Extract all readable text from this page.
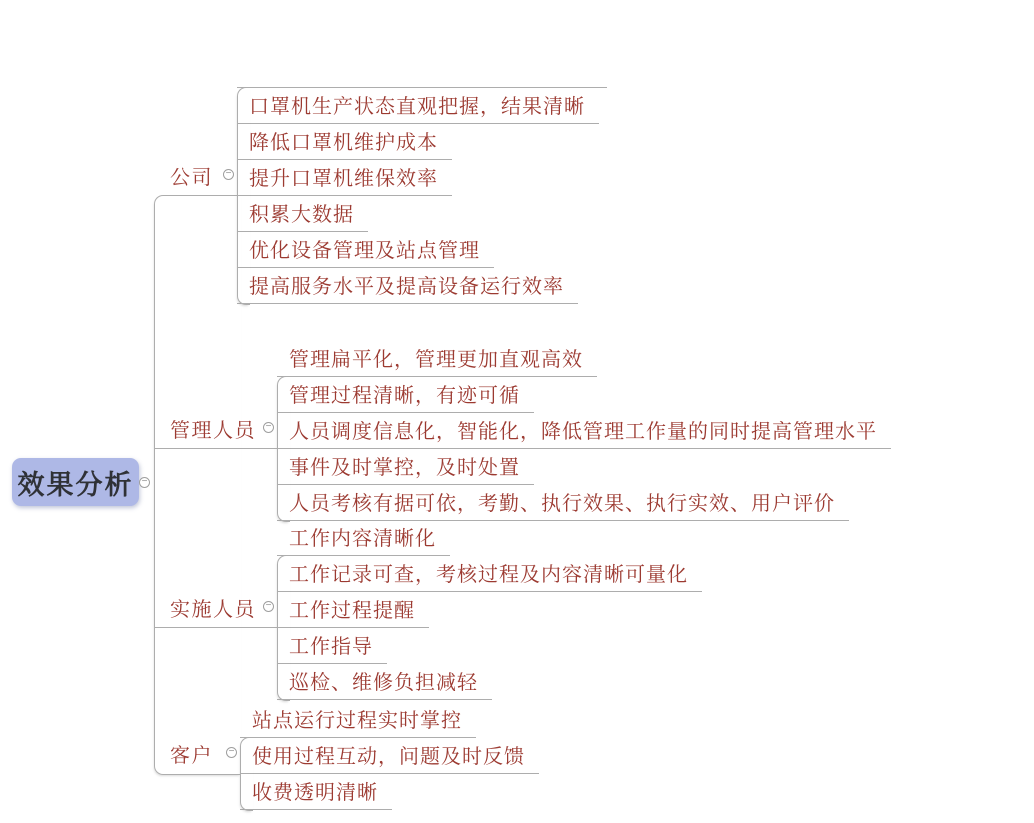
效果分析 −
公司 −
口罩机生产状态直观把握，结果清晰
降低口罩机维护成本
提升口罩机维保效率
积累大数据
优化设备管理及站点管理
提高服务水平及提高设备运行效率
管理人员 −
管理扁平化，管理更加直观高效
管理过程清晰，有迹可循
人员调度信息化，智能化，降低管理工作量的同时提高管理水平
事件及时掌控，及时处置
人员考核有据可依，考勤、执行效果、执行实效、用户评价
实施人员 −
工作内容清晰化
工作记录可查，考核过程及内容清晰可量化
工作过程提醒
工作指导
巡检、维修负担减轻
客户 −
站点运行过程实时掌控
使用过程互动，问题及时反馈
收费透明清晰
